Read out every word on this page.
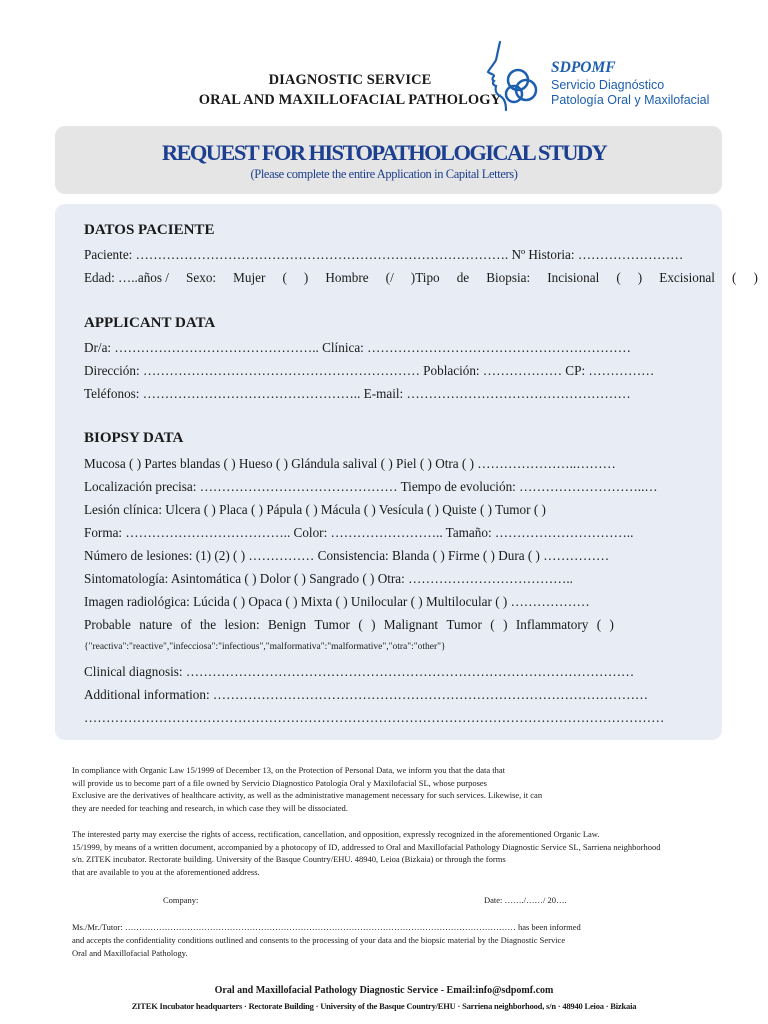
DIAGNOSTIC SERVICE
ORAL AND MAXILLOFACIAL PATHOLOGY
SDPOMF
Servicio Diagnóstico
Patología Oral y Maxilofacial
REQUEST FOR HISTOPATHOLOGICAL STUDY
(Please complete the entire Application in Capital Letters)
DATOS PACIENTE
Paciente: …………………………………………………………………………. Nº Historia: ……………………
Edad: …..años / Sexo: Mujer ( ) Hombre (/ )Tipo de Biopsia: Incisional ( ) Excisional ( )
APPLICANT DATA
Dr/a: ……………………………………….. Clínica: ……………………………………………………
Dirección: ……………………………………………………… Población: ……………… CP: ……………
Teléfonos: ………………………………………….. E-mail: ……………………………………………
BIOPSY DATA
Mucosa ( ) Partes blandas ( ) Hueso ( ) Glándula salival ( ) Piel ( ) Otra ( ) …………………..………
Localización precisa: ……………………………………… Tiempo de evolución: ………………………..…
Lesión clínica: Ulcera ( ) Placa ( ) Pápula ( ) Mácula ( ) Vesícula ( ) Quiste ( ) Tumor ( )
Forma: ……………………………….. Color: …………………….. Tamaño: …………………………..
Número de lesiones: (1) (2) ( ) …………… Consistencia: Blanda ( ) Firme ( ) Dura ( ) ……………
Sintomatología: Asintomática ( ) Dolor ( ) Sangrado ( ) Otra: ………………………………..
Imagen radiológica: Lúcida ( ) Opaca ( ) Mixta ( ) Unilocular ( ) Multilocular ( ) ………………
Probable nature of the lesion: Benign Tumor ( ) Malignant Tumor ( ) Inflammatory ( )
{"reactiva":"reactive","infecciosa":"infectious","malformativa":"malformative","otra":"other"}
Clinical diagnosis: …………………………………………………………………………………………
Additional information: ………………………………………………………………………………………
……………………………………………………………………………………………………………………
In compliance with Organic Law 15/1999 of December 13, on the Protection of Personal Data, we inform you that the data that
will provide us to become part of a file owned by Servicio Diagnostico Patología Oral y Maxilofacial SL, whose purposes
Exclusive are the derivatives of healthcare activity, as well as the administrative management necessary for such services. Likewise, it can
they are needed for teaching and research, in which case they will be dissociated.
The interested party may exercise the rights of access, rectification, cancellation, and opposition, expressly recognized in the aforementioned Organic Law.
15/1999, by means of a written document, accompanied by a photocopy of ID, addressed to Oral and Maxillofacial Pathology Diagnostic Service SL, Sarriena neighborhood
s/n. ZITEK incubator. Rectorate building. University of the Basque Country/EHU. 48940, Leioa (Bizkaia) or through the forms
that are available to you at the aforementioned address.
Company:	Date: ……./……/ 20….
Ms./Mr./Tutor: ………………………………………………………………………………………………………………………… has been informed
and accepts the confidentiality conditions outlined and consents to the processing of your data and the biopsic material by the Diagnostic Service
Oral and Maxillofacial Pathology.
Oral and Maxillofacial Pathology Diagnostic Service - Email:info@sdpomf.com
ZITEK Incubator headquarters · Rectorate Building · University of the Basque Country/EHU · Sarriena neighborhood, s/n · 48940 Leioa · Bizkaia
